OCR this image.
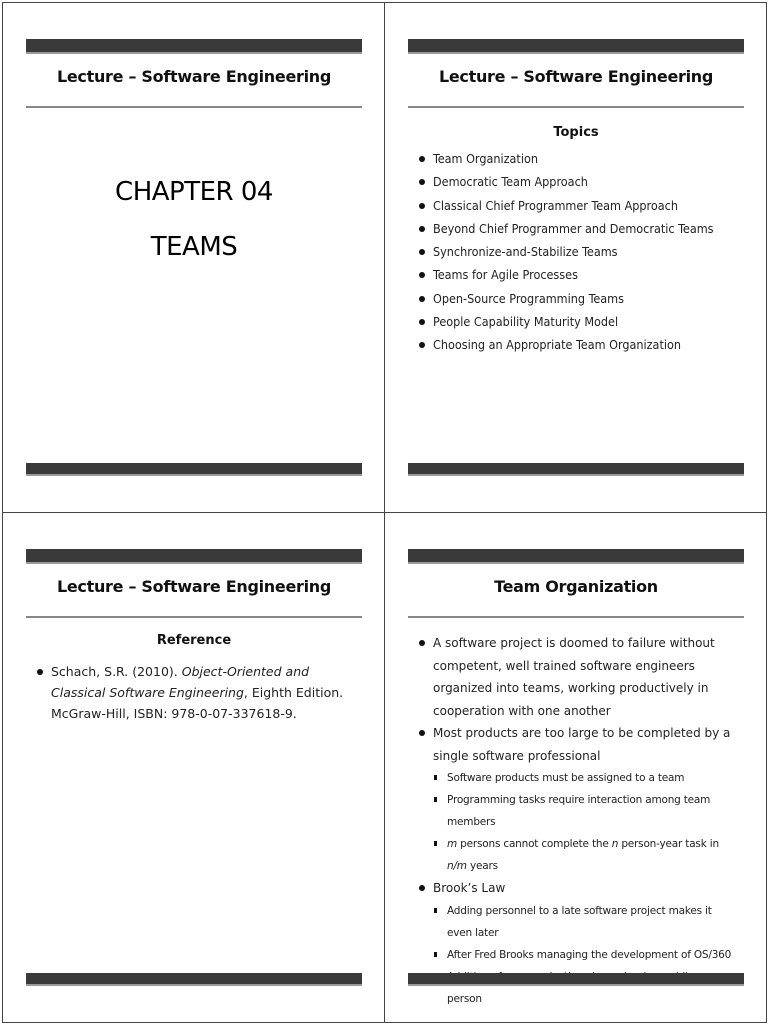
Lecture – Software Engineering
CHAPTER 04
TEAMS
Lecture – Software Engineering
Topics
Team Organization
Democratic Team Approach
Classical Chief Programmer Team Approach
Beyond Chief Programmer and Democratic Teams
Synchronize-and-Stabilize Teams
Teams for Agile Processes
Open-Source Programming Teams
People Capability Maturity Model
Choosing an Appropriate Team Organization
Lecture – Software Engineering
Reference
Schach, S.R. (2010). Object-Oriented and Classical Software Engineering, Eighth Edition. McGraw-Hill, ISBN: 978-0-07-337618-9.
Team Organization
A software project is doomed to failure without competent, well trained software engineers organized into teams, working productively in cooperation with one another
Most products are too large to be completed by a single software professional
Software products must be assigned to a team
Programming tasks require interaction among team members
m persons cannot complete the n person-year task in n/m years
Brook’s Law
Adding personnel to a late software project makes it even later
After Fred Brooks managing the development of OS/360
person
